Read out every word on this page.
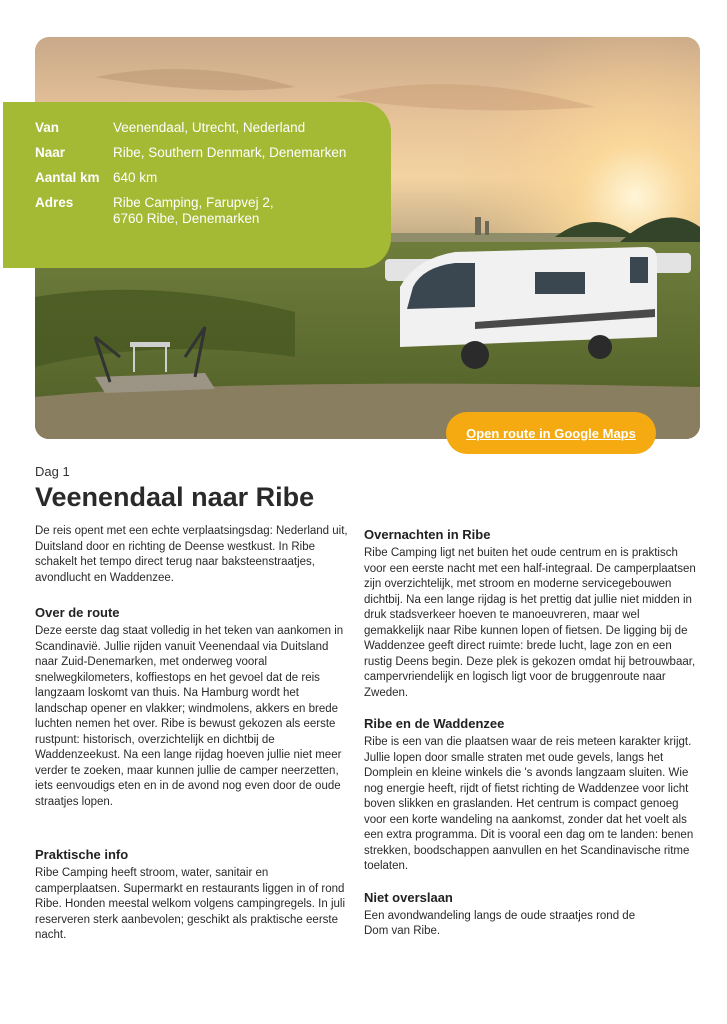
Van	Veenendaal, Utrecht, Nederland
Naar	Ribe, Southern Denmark, Denemarken
Aantal km 640 km
Adres	Ribe Camping, Farupvej 2,
6760 Ribe, Denemarken
Open route in Google Maps
Dag 1
Veenendaal naar Ribe

De reis opent met een echte verplaatsingsdag: Nederland uit, Duitsland door en richting de Deense westkust. In Ribe schakelt het tempo direct terug naar baksteenstraatjes, avondlucht en Waddenzee.

Over de route

Deze eerste dag staat volledig in het teken van aankomen in Scandinavië. Jullie rijden vanuit Veenendaal via Duitsland naar Zuid-Denemarken, met onderweg vooral snelwegkilometers, koffiestops en het gevoel dat de reis langzaam loskomt van thuis. Na Hamburg wordt het landschap opener en vlakker; windmolens, akkers en brede luchten nemen het over. Ribe is bewust gekozen als eerste rustpunt: historisch, overzichtelijk en dichtbij de Waddenzeekust. Na een lange rijdag hoeven jullie niet meer verder te zoeken, maar kunnen jullie de camper neerzetten, iets eenvoudigs eten en in de avond nog even door de oude straatjes lopen.

Praktische info

Ribe Camping heeft stroom, water, sanitair en camperplaatsen. Supermarkt en restaurants liggen in of rond Ribe. Honden meestal welkom volgens campingregels. In juli reserveren sterk aanbevolen; geschikt als praktische eerste nacht.

Overnachten in Ribe

Ribe Camping ligt net buiten het oude centrum en is praktisch voor een eerste nacht met een half-integraal. De camperplaatsen zijn overzichtelijk, met stroom en moderne servicegebouwen dichtbij. Na een lange rijdag is het prettig dat jullie niet midden in druk stadsverkeer hoeven te manoeuvreren, maar wel gemakkelijk naar Ribe kunnen lopen of fietsen. De ligging bij de Waddenzee geeft direct ruimte: brede lucht, lage zon en een rustig Deens begin. Deze plek is gekozen omdat hij betrouwbaar, campervriendelijk en logisch ligt voor de bruggenroute naar Zweden.

Ribe en de Waddenzee

Ribe is een van die plaatsen waar de reis meteen karakter krijgt. Jullie lopen door smalle straten met oude gevels, langs het Domplein en kleine winkels die 's avonds langzaam sluiten. Wie nog energie heeft, rijdt of fietst richting de Waddenzee voor licht boven slikken en graslanden. Het centrum is compact genoeg voor een korte wandeling na aankomst, zonder dat het voelt als een extra programma. Dit is vooral een dag om te landen: benen strekken, boodschappen aanvullen en het Scandinavische ritme toelaten.

Niet overslaan

Een avondwandeling langs de oude straatjes rond de Dom van Ribe.
